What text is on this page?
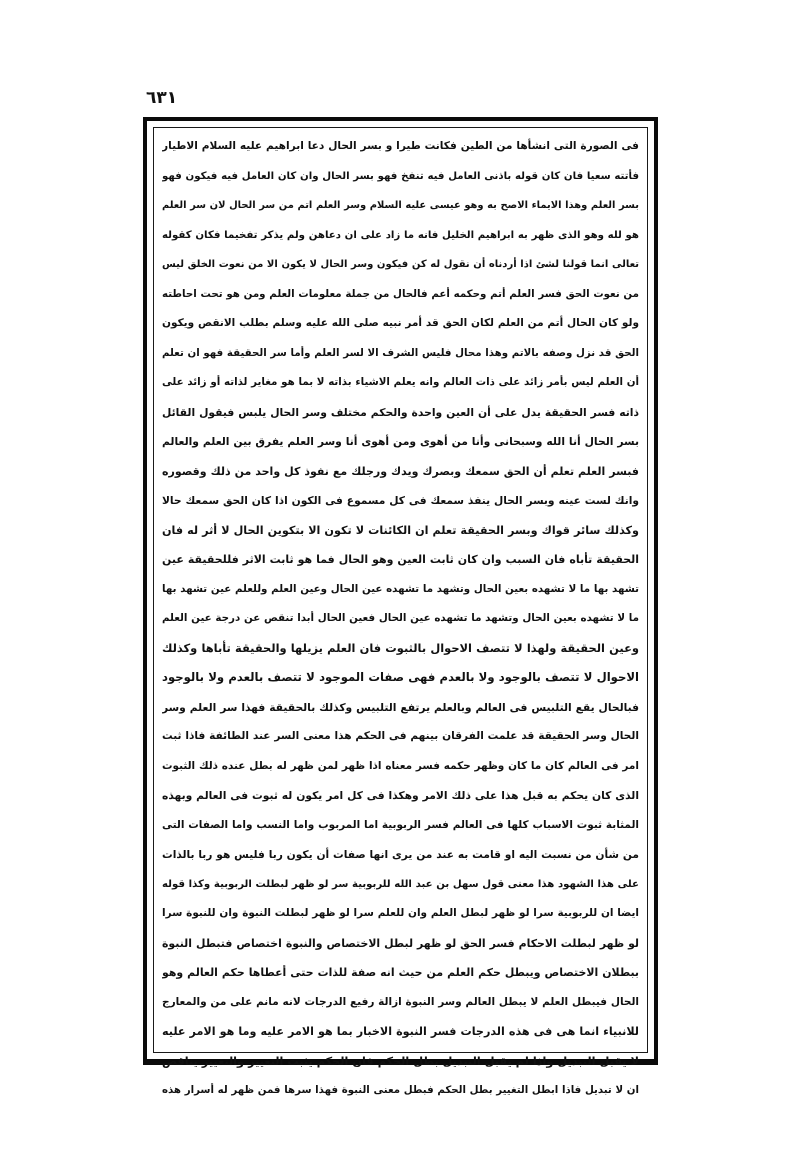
٦٣١
فى الصورة التى انشأها من الطين فكانت طيرا و بسر الحال دعا ابراهيم عليه السلام الاطيار
فأتته سعيا فان كان قوله باذنى العامل فيه تنفخ فهو بسر الحال وان كان العامل فيه فيكون فهو
بسر العلم وهذا الايماء الاصح به وهو عيسى عليه السلام وسر العلم اتم من سر الحال لان سر العلم
هو لله وهو الذى ظهر به ابراهيم الخليل فانه ما زاد على ان دعاهن ولم يذكر تفخيما فكان كقوله
تعالى انما قولنا لشئ اذا أردناه أن نقول له كن فيكون وسر الحال لا يكون الا من نعوت الخلق ليس
من نعوت الحق فسر العلم أتم وحكمه أعم فالحال من جملة معلومات العلم ومن هو تحت احاطته
ولو كان الحال أتم من العلم لكان الحق قد أمر نبيه صلى الله عليه وسلم بطلب الانقص ويكون
الحق قد نزل وصفه بالاتم وهذا محال فليس الشرف الا لسر العلم وأما سر الحقيقة فهو ان تعلم
أن العلم ليس بأمر زائد على ذات العالم وانه يعلم الاشياء بذاته لا بما هو مغاير لذاته أو زائد على
ذاته فسر الحقيقة يدل على أن العين واحدة والحكم مختلف وسر الحال يلبس فيقول القائل
بسر الحال أنا الله وسبحانى وأنا من أهوى ومن أهوى أنا وسر العلم يفرق بين العلم والعالم
فبسر العلم تعلم أن الحق سمعك وبصرك ويدك ورجلك مع نفوذ كل واحد من ذلك وقصوره
وانك لست عينه وبسر الحال ينفذ سمعك فى كل مسموع فى الكون اذا كان الحق سمعك حالا
وكذلك سائر قواك وبسر الحقيقة تعلم ان الكائنات لا تكون الا بتكوين الحال لا أثر له فان
الحقيقة تأباه فان السبب وان كان ثابت العين وهو الحال فما هو ثابت الاثر فللحقيقة عين
تشهد بها ما لا تشهده بعين الحال وتشهد ما تشهده عين الحال وعين العلم وللعلم عين تشهد بها
ما لا تشهده بعين الحال وتشهد ما تشهده عين الحال فعين الحال أبدا تنقص عن درجة عين العلم
وعين الحقيقة ولهذا لا تتصف الاحوال بالثبوت فان العلم يزيلها والحقيقة تأباها وكذلك
الاحوال لا تتصف بالوجود ولا بالعدم فهى صفات الموجود لا تتصف بالعدم ولا بالوجود
فبالحال يقع التلبيس فى العالم وبالعلم يرتفع التلبيس وكذلك بالحقيقة فهذا سر العلم وسر
الحال وسر الحقيقة قد علمت الفرقان بينهم فى الحكم هذا معنى السر عند الطائفة فاذا ثبت
امر فى العالم كان ما كان وظهر حكمه فسر معناه اذا ظهر لمن ظهر له بطل عنده ذلك الثبوت
الذى كان يحكم به قبل هذا على ذلك الامر وهكذا فى كل امر يكون له ثبوت فى العالم وبهذه
المثابة ثبوت الاسباب كلها فى العالم فسر الربوبية اما المربوب واما النسب واما الصفات التى
من شأن من نسبت اليه او قامت به عند من يرى انها صفات أن يكون ربا فليس هو ربا بالذات
على هذا الشهود هذا معنى قول سهل بن عبد الله للربوبية سر لو ظهر لبطلت الربوبية وكذا قوله
ايضا ان للربوبية سرا لو ظهر لبطل العلم وان للعلم سرا لو ظهر لبطلت النبوة وان للنبوة سرا
لو ظهر لبطلت الاحكام فسر الحق لو ظهر لبطل الاختصاص والنبوة اختصاص فتبطل النبوة
ببطلان الاختصاص ويبطل حكم العلم من حيث انه صفة للذات حتى أعطاها حكم العالم وهو
الحال فيبطل العلم لا يبطل العالم وسر النبوة ازالة رفيع الدرجات لانه مانم على من والمعارج
للانبياء انما هى فى هذه الدرجات فسر النبوة الاخبار بما هو الامر عليه وما هو الامر عليه
لا يقبل التبديل واذا لم يقبل التبديل بطل الحكم فان الحكم يثبت التغيير والتغيير يناقض
ان لا تبديل فاذا ابطل التغيير بطل الحكم فبطل معنى النبوة فهذا سرها فمن ظهر له أسرار هذه
